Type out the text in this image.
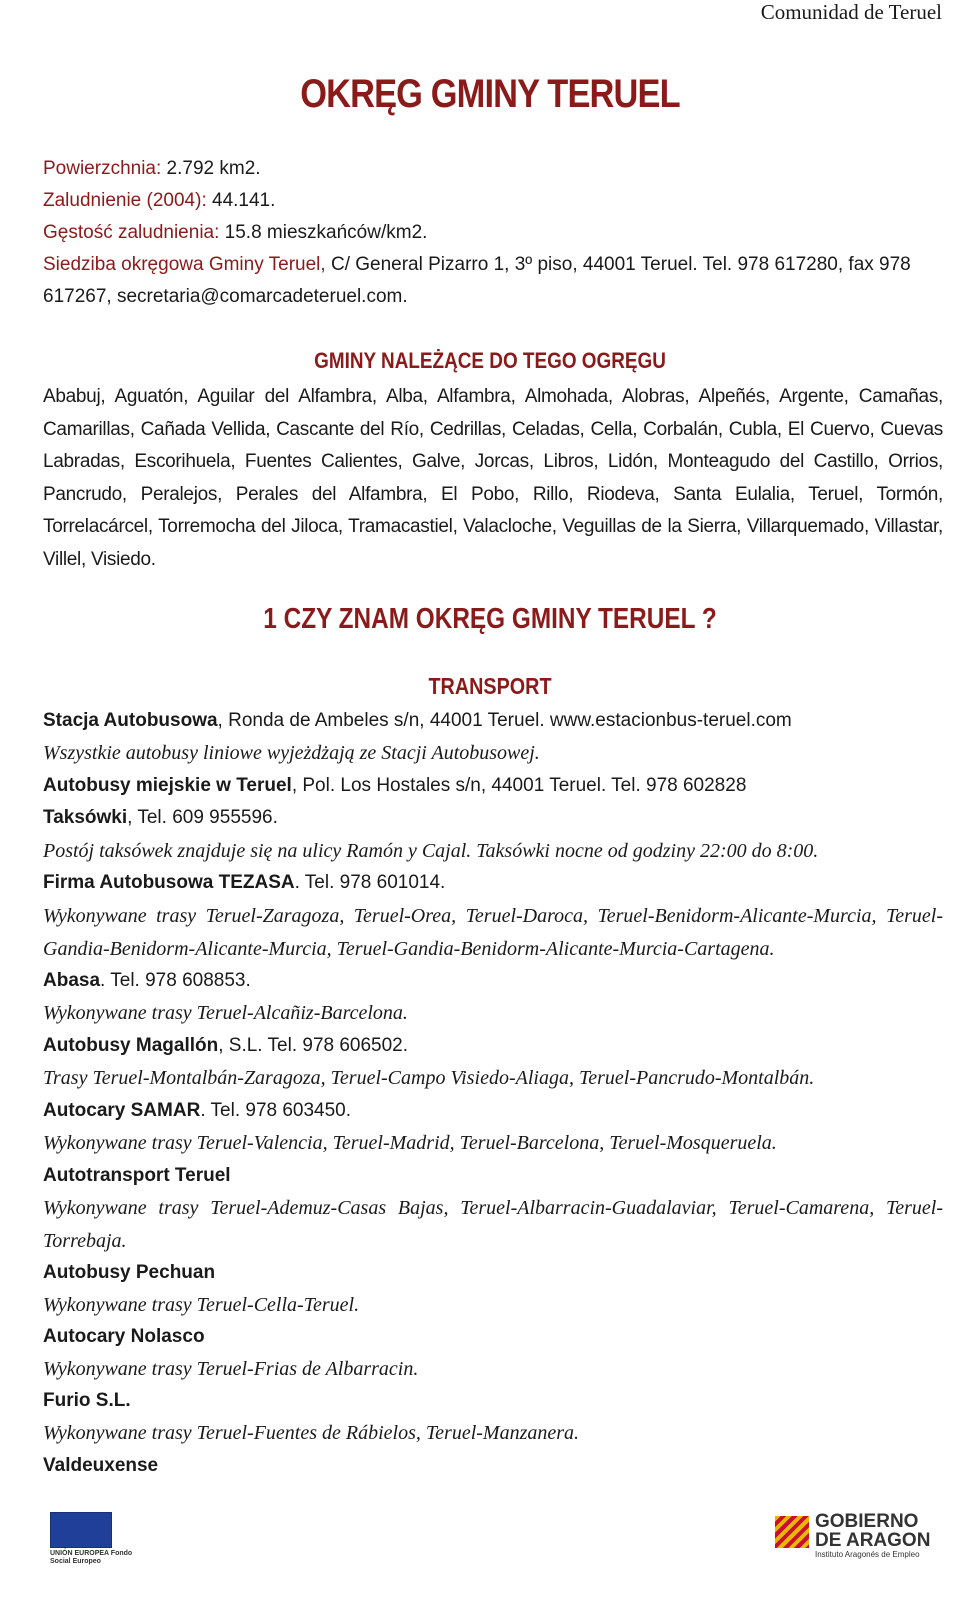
Comunidad de Teruel
OKRĘG GMINY TERUEL
Powierzchnia: 2.792 km2.
Zaludnienie (2004): 44.141.
Gęstość zaludnienia: 15.8 mieszkańców/km2.
Siedziba okręgowa Gminy Teruel, C/ General Pizarro 1, 3º piso, 44001 Teruel. Tel. 978 617280, fax 978 617267, secretaria@comarcadeteruel.com.
GMINY NALEŻĄCE DO TEGO OGRĘGU
Ababuj, Aguatón, Aguilar del Alfambra, Alba, Alfambra, Almohada, Alobras, Alpeñés, Argente, Camañas, Camarillas, Cañada Vellida, Cascante del Río, Cedrillas, Celadas, Cella, Corbalán, Cubla, El Cuervo, Cuevas Labradas, Escorihuela, Fuentes Calientes, Galve, Jorcas, Libros, Lidón, Monteagudo del Castillo, Orrios, Pancrudo, Peralejos, Perales del Alfambra, El Pobo, Rillo, Riodeva, Santa Eulalia, Teruel, Tormón, Torrelacárcel, Torremocha del Jiloca, Tramacastiel, Valacloche, Veguillas de la Sierra, Villarquemado, Villastar, Villel, Visiedo.
1 CZY ZNAM OKRĘG GMINY TERUEL ?
TRANSPORT
Stacja Autobusowa, Ronda de Ambeles s/n, 44001 Teruel. www.estacionbus-teruel.com
Wszystkie autobusy liniowe wyjeżdżają ze Stacji Autobusowej.
Autobusy miejskie w Teruel, Pol. Los Hostales s/n, 44001 Teruel. Tel. 978 602828
Taksówki, Tel. 609 955596.
Postój taksówek znajduje się na ulicy Ramón y Cajal. Taksówki nocne od godziny 22:00 do 8:00.
Firma Autobusowa TEZASA. Tel. 978 601014.
Wykonywane trasy Teruel-Zaragoza, Teruel-Orea, Teruel-Daroca, Teruel-Benidorm-Alicante-Murcia, Teruel-Gandia-Benidorm-Alicante-Murcia, Teruel-Gandia-Benidorm-Alicante-Murcia-Cartagena.
Abasa. Tel. 978 608853.
Wykonywane trasy Teruel-Alcañiz-Barcelona.
Autobusy Magallón, S.L. Tel. 978 606502.
Trasy Teruel-Montalbán-Zaragoza, Teruel-Campo Visiedo-Aliaga, Teruel-Pancrudo-Montalbán.
Autocary SAMAR. Tel. 978 603450.
Wykonywane trasy Teruel-Valencia, Teruel-Madrid, Teruel-Barcelona, Teruel-Mosqueruela.
Autotransport Teruel
Wykonywane trasy Teruel-Ademuz-Casas Bajas, Teruel-Albarracin-Guadalaviar, Teruel-Camarena, Teruel-Torrebaja.
Autobusy Pechuan
Wykonywane trasy Teruel-Cella-Teruel.
Autocary Nolasco
Wykonywane trasy Teruel-Frias de Albarracin.
Furio S.L.
Wykonywane trasy Teruel-Fuentes de Rábielos, Teruel-Manzanera.
Valdeuxense
UNIÓN EUROPEA Fondo Social Europeo
GOBIERNO DE ARAGON
Instituto Aragonés de Empleo
